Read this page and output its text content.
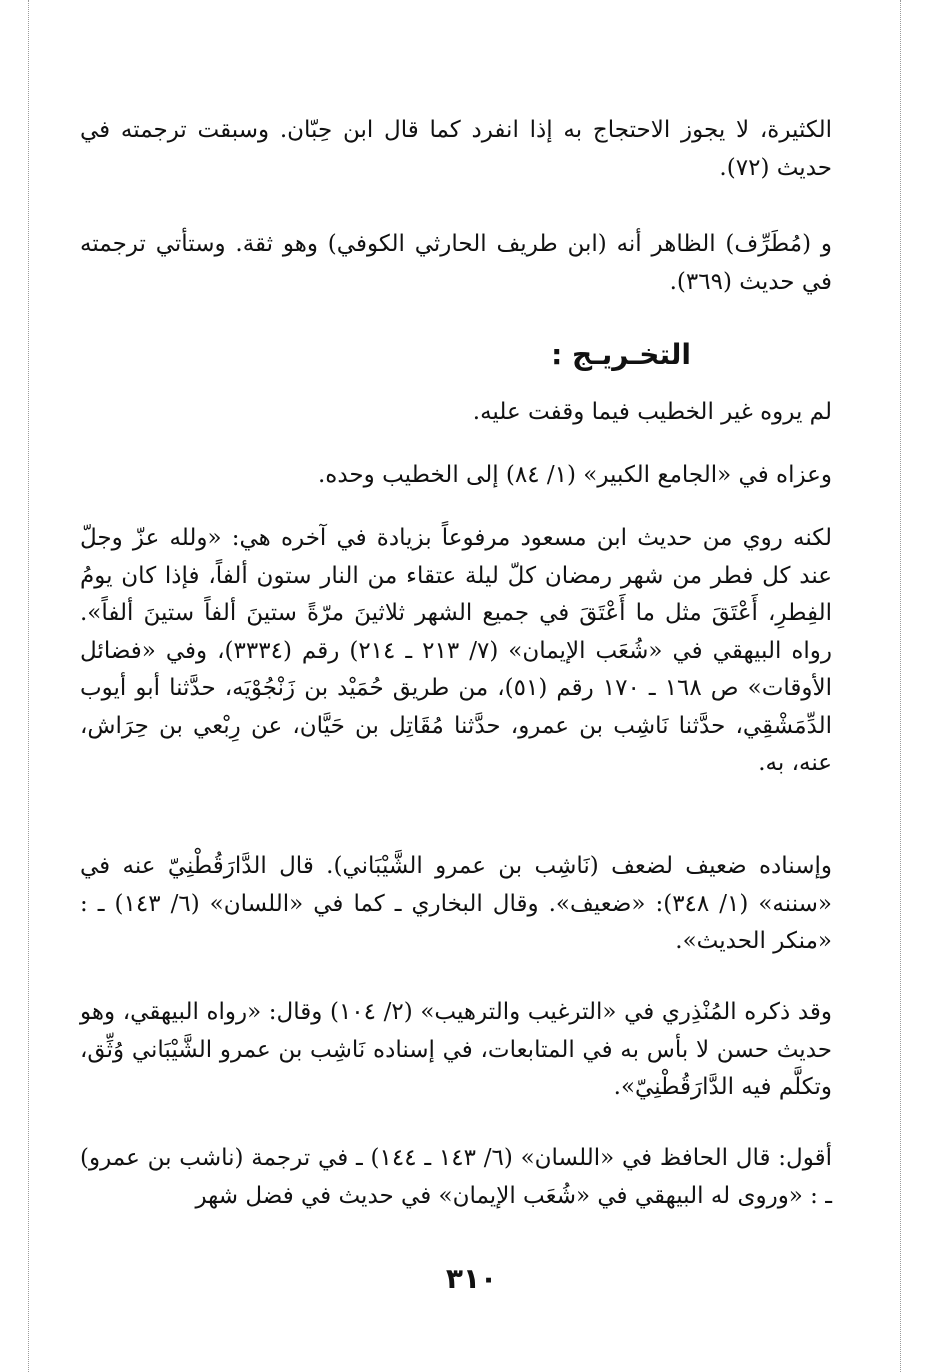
الكثيرة، لا يجوز الاحتجاج به إذا انفرد كما قال ابن حِبّان. وسبقت ترجمته في حديث (٧٢).
و (مُطَرِّف) الظاهر أنه (ابن طريف الحارثي الكوفي) وهو ثقة. وستأتي ترجمته في حديث (٣٦٩).
التخـريـج :
لم يروه غير الخطيب فيما وقفت عليه.
وعزاه في «الجامع الكبير» (١/ ٨٤) إلى الخطيب وحده.
لكنه روي من حديث ابن مسعود مرفوعاً بزيادة في آخره هي: «ولله عزّ وجلّ عند كل فطر من شهر رمضان كلّ ليلة عتقاء من النار ستون ألفاً، فإذا كان يومُ الفِطرِ، أَعْتَقَ مثل ما أَعْتَقَ في جميع الشهر ثلاثينَ مرّةً ستينَ ألفاً ستينَ ألفاً». رواه البيهقي في «شُعَب الإيمان» (٧/ ٢١٣ ـ ٢١٤) رقم (٣٣٣٤)، وفي «فضائل الأوقات» ص ١٦٨ ـ ١٧٠ رقم (٥١)، من طريق حُمَيْد بن زَنْجُوْيَه، حدَّثنا أبو أيوب الدِّمَشْقِي، حدَّثنا نَاشِب بن عمرو، حدَّثنا مُقَاتِل بن حَيَّان، عن رِبْعي بن حِرَاش، عنه، به.
وإسناده ضعيف لضعف (نَاشِب بن عمرو الشَّيْبَاني). قال الدَّارَقُطْنِيّ عنه في «سننه» (١/ ٣٤٨): «ضعيف». وقال البخاري ـ كما في «اللسان» (٦/ ١٤٣) ـ : «منكر الحديث».
وقد ذكره المُنْذِري في «الترغيب والترهيب» (٢/ ١٠٤) وقال: «رواه البيهقي، وهو حديث حسن لا بأس به في المتابعات، في إسناده نَاشِب بن عمرو الشَّيْبَاني وُثِّق، وتكلَّم فيه الدَّارَقُطْنِيّ».
أقول: قال الحافظ في «اللسان» (٦/ ١٤٣ ـ ١٤٤) ـ في ترجمة (ناشب بن عمرو) ـ : «وروى له البيهقي في «شُعَب الإيمان» في حديث في فضل شهر
٣١٠
